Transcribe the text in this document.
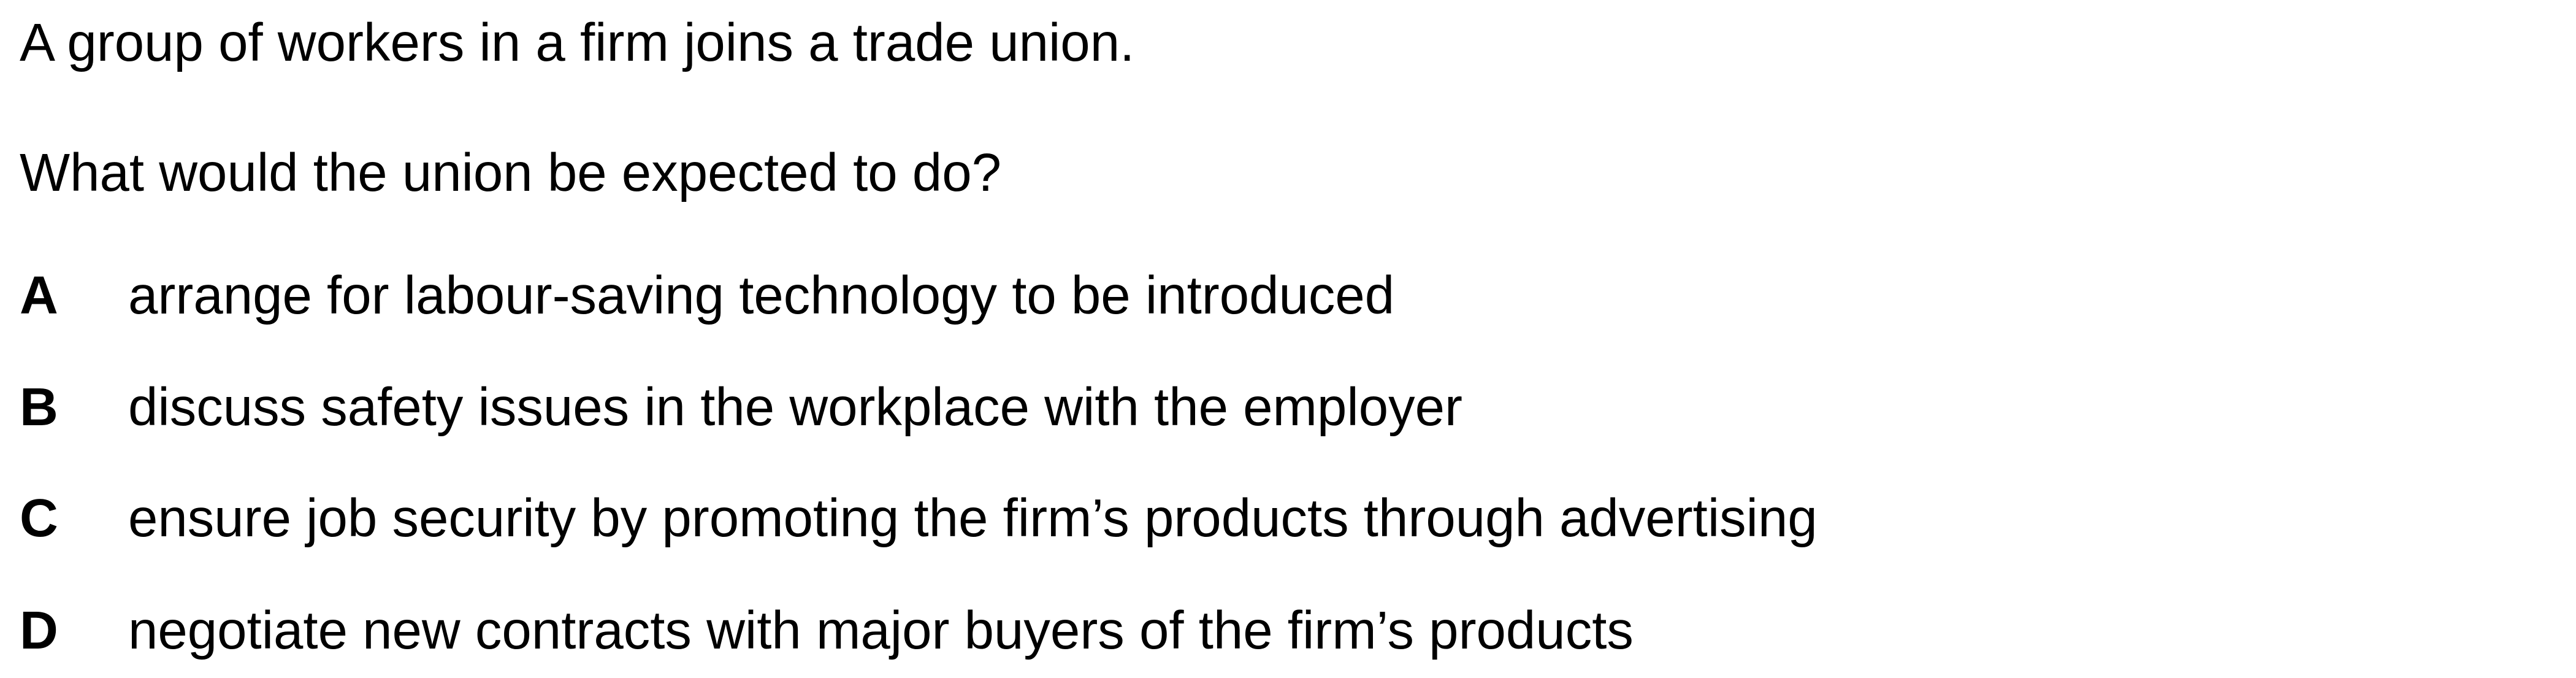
A group of workers in a firm joins a trade union.
What would the union be expected to do?
A arrange for labour-saving technology to be introduced
B discuss safety issues in the workplace with the employer
C ensure job security by promoting the firm’s products through advertising
D negotiate new contracts with major buyers of the firm’s products
